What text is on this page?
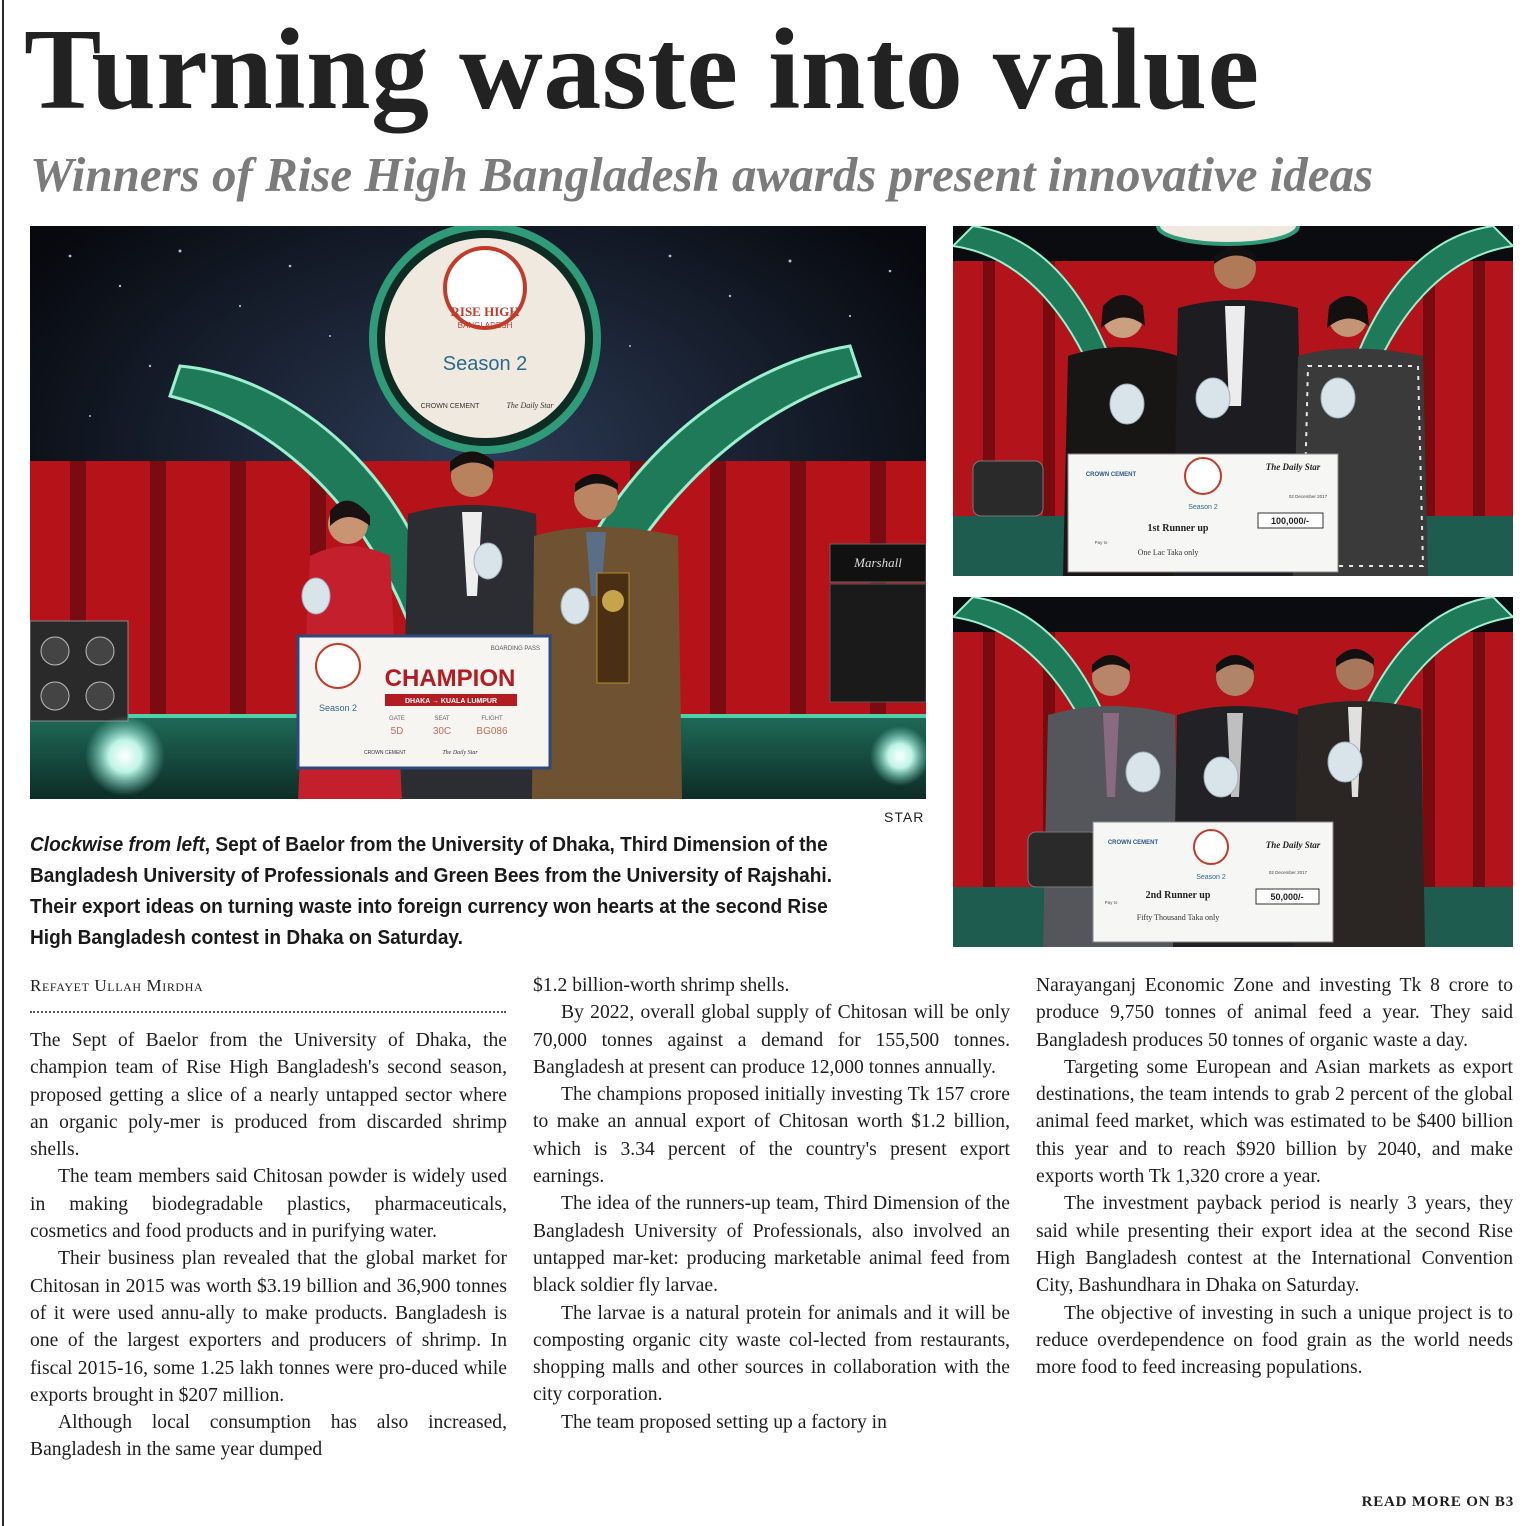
Turning waste into value
Winners of Rise High Bangladesh awards present innovative ideas
RISE HIGH
BANGLADESH
Season 2
CROWN CEMENT	The Daily Star
Marshall
Season 2
BOARDING PASS
CHAMPION
DHAKA → KUALA LUMPUR
GATE	SEAT	FLIGHT
5D	30C	BG086
CROWN CEMENT	The Daily Star
CROWN CEMENT
The Daily Star
Season 2
02 December 2017
1st Runner up
100,000/-
Pay to
One Lac Taka only
CROWN CEMENT	The Daily Star
Season 2
02 December 2017
2nd Runner up	50,000/-
Pay to
Fifty Thousand Taka only
STAR
Clockwise from left, Sept of Baelor from the University of Dhaka, Third Dimension of the Bangladesh University of Professionals and Green Bees from the University of Rajshahi. Their export ideas on turning waste into foreign currency won hearts at the second Rise High Bangladesh contest in Dhaka on Saturday.
Refayet Ullah Mirdha

The Sept of Baelor from the University of Dhaka, the champion team of Rise High Bangladesh's second season, proposed getting a slice of a nearly untapped sector where an organic poly-mer is produced from discarded shrimp shells.

The team members said Chitosan powder is widely used in making biodegradable plastics, pharmaceuticals, cosmetics and food products and in purifying water.

Their business plan revealed that the global market for Chitosan in 2015 was worth $3.19 billion and 36,900 tonnes of it were used annu-ally to make products. Bangladesh is one of the largest exporters and producers of shrimp. In fiscal 2015-16, some 1.25 lakh tonnes were pro-duced while exports brought in $207 million.

Although local consumption has also increased, Bangladesh in the same year dumped

$1.2 billion-worth shrimp shells.

By 2022, overall global supply of Chitosan will be only 70,000 tonnes against a demand for 155,500 tonnes. Bangladesh at present can produce 12,000 tonnes annually.

The champions proposed initially investing Tk 157 crore to make an annual export of Chitosan worth $1.2 billion, which is 3.34 percent of the country's present export earnings.

The idea of the runners-up team, Third Dimension of the Bangladesh University of Professionals, also involved an untapped mar-ket: producing marketable animal feed from black soldier fly larvae.

The larvae is a natural protein for animals and it will be composting organic city waste col-lected from restaurants, shopping malls and other sources in collaboration with the city corporation.

The team proposed setting up a factory in

Narayanganj Economic Zone and investing Tk 8 crore to produce 9,750 tonnes of animal feed a year. They said Bangladesh produces 50 tonnes of organic waste a day.

Targeting some European and Asian markets as export destinations, the team intends to grab 2 percent of the global animal feed market, which was estimated to be $400 billion this year and to reach $920 billion by 2040, and make exports worth Tk 1,320 crore a year.

The investment payback period is nearly 3 years, they said while presenting their export idea at the second Rise High Bangladesh contest at the International Convention City, Bashundhara in Dhaka on Saturday.

The objective of investing in such a unique project is to reduce overdependence on food grain as the world needs more food to feed increasing populations.

READ MORE ON B3
